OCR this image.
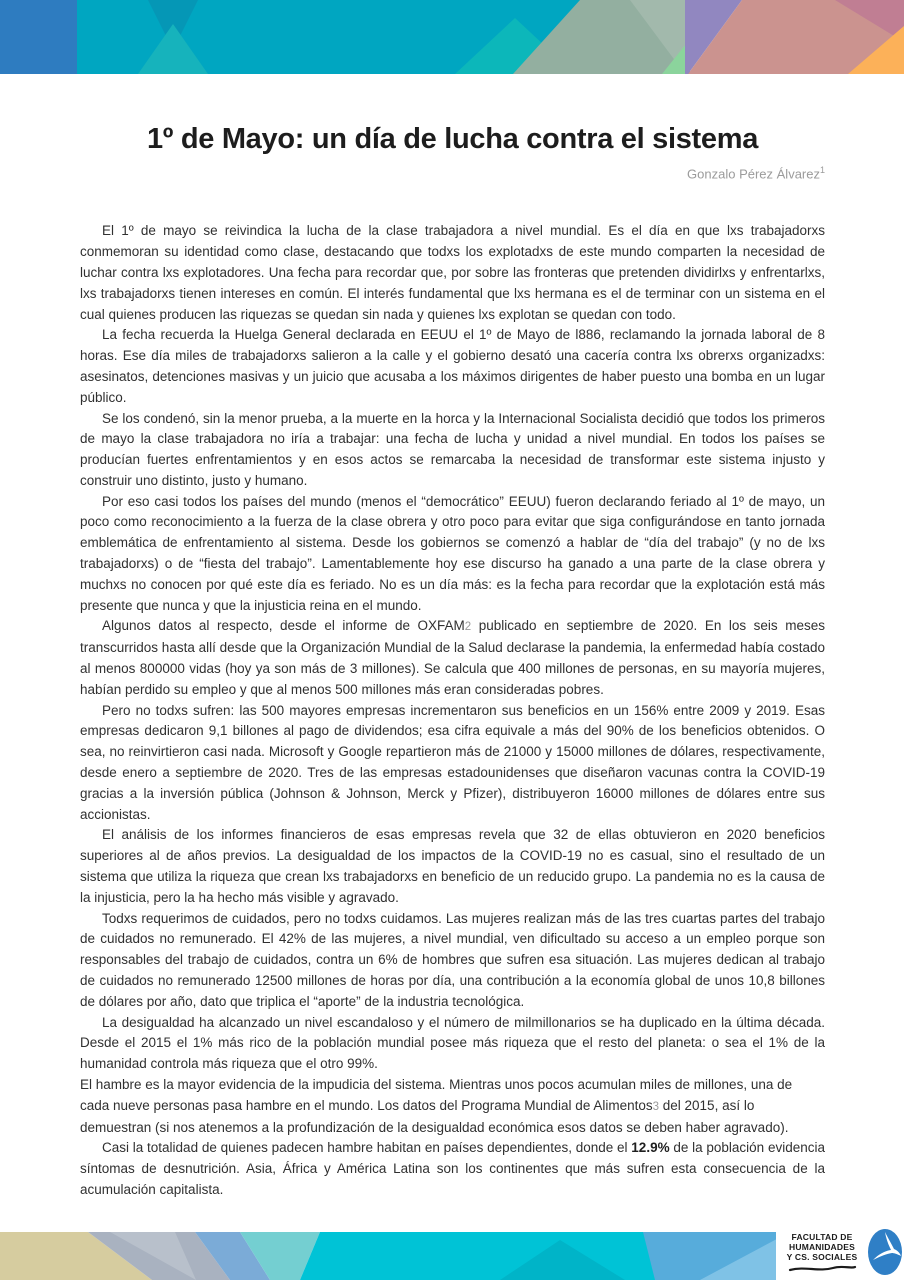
1º de Mayo: un día de lucha contra el sistema
Gonzalo Pérez Álvarez$^1$

El 1º de mayo se reivindica la lucha de la clase trabajadora a nivel mundial. Es el día en que lxs trabajadorxs conmemoran su identidad como clase, destacando que todxs los explotadxs de este mundo comparten la necesidad de luchar contra lxs explotadores. Una fecha para recordar que, por sobre las fronteras que pretenden dividirlxs y enfrentarlxs, lxs trabajadorxs tienen intereses en común. El interés fundamental que lxs hermana es el de terminar con un sistema en el cual quienes producen las riquezas se quedan sin nada y quienes lxs explotan se quedan con todo.

La fecha recuerda la Huelga General declarada en EEUU el 1º de Mayo de l886, reclamando la jornada laboral de 8 horas. Ese día miles de trabajadorxs salieron a la calle y el gobierno desató una cacería contra lxs obrerxs organizadxs: asesinatos, detenciones masivas y un juicio que acusaba a los máximos dirigentes de haber puesto una bomba en un lugar público.

Se los condenó, sin la menor prueba, a la muerte en la horca y la Internacional Socialista decidió que todos los primeros de mayo la clase trabajadora no iría a trabajar: una fecha de lucha y unidad a nivel mundial. En todos los países se producían fuertes enfrentamientos y en esos actos se remarcaba la necesidad de transformar este sistema injusto y construir uno distinto, justo y humano.

Por eso casi todos los países del mundo (menos el “democrático” EEUU) fueron declarando feriado al 1º de mayo, un poco como reconocimiento a la fuerza de la clase obrera y otro poco para evitar que siga configurándose en tanto jornada emblemática de enfrentamiento al sistema. Desde los gobiernos se comenzó a hablar de “día del trabajo” (y no de lxs trabajadorxs) o de “fiesta del trabajo”. Lamentablemente hoy ese discurso ha ganado a una parte de la clase obrera y muchxs no conocen por qué este día es feriado. No es un día más: es la fecha para recordar que la explotación está más presente que nunca y que la injusticia reina en el mundo.

Algunos datos al respecto, desde el informe de OXFAM2 publicado en septiembre de 2020. En los seis meses transcurridos hasta allí desde que la Organización Mundial de la Salud declarase la pandemia, la enfermedad había costado al menos 800000 vidas (hoy ya son más de 3 millones). Se calcula que 400 millones de personas, en su mayoría mujeres, habían perdido su empleo y que al menos 500 millones más eran consideradas pobres.

Pero no todxs sufren: las 500 mayores empresas incrementaron sus beneficios en un 156% entre 2009 y 2019. Esas empresas dedicaron 9,1 billones al pago de dividendos; esa cifra equivale a más del 90% de los beneficios obtenidos. O sea, no reinvirtieron casi nada. Microsoft y Google repartieron más de 21000 y 15000 millones de dólares, respectivamente, desde enero a septiembre de 2020. Tres de las empresas estadounidenses que diseñaron vacunas contra la COVID-19 gracias a la inversión pública (Johnson & Johnson, Merck y Pfizer), distribuyeron 16000 millones de dólares entre sus accionistas.

El análisis de los informes financieros de esas empresas revela que 32 de ellas obtuvieron en 2020 beneficios superiores al de años previos. La desigualdad de los impactos de la COVID-19 no es casual, sino el resultado de un sistema que utiliza la riqueza que crean lxs trabajadorxs en beneficio de un reducido grupo. La pandemia no es la causa de la injusticia, pero la ha hecho más visible y agravado.

Todxs requerimos de cuidados, pero no todxs cuidamos. Las mujeres realizan más de las tres cuartas partes del trabajo de cuidados no remunerado. El 42% de las mujeres, a nivel mundial, ven dificultado su acceso a un empleo porque son responsables del trabajo de cuidados, contra un 6% de hombres que sufren esa situación. Las mujeres dedican al trabajo de cuidados no remunerado 12500 millones de horas por día, una contribución a la economía global de unos 10,8 billones de dólares por año, dato que triplica el “aporte” de la industria tecnológica.

La desigualdad ha alcanzado un nivel escandaloso y el número de milmillonarios se ha duplicado en la última década. Desde el 2015 el 1% más rico de la población mundial posee más riqueza que el resto del planeta: o sea el 1% de la humanidad controla más riqueza que el otro 99%.

El hambre es la mayor evidencia de la impudicia del sistema. Mientras unos pocos acumulan miles de millones, una de cada nueve personas pasa hambre en el mundo. Los datos del Programa Mundial de Alimentos3 del 2015, así lo demuestran (si nos atenemos a la profundización de la desigualdad económica esos datos se deben haber agravado).

Casi la totalidad de quienes padecen hambre habitan en países dependientes, donde el 12.9% de la población evidencia síntomas de desnutrición. Asia, África y América Latina son los continentes que más sufren esta consecuencia de la acumulación capitalista.

FACULTAD DE
HUMANIDADES
Y CS. SOCIALES
